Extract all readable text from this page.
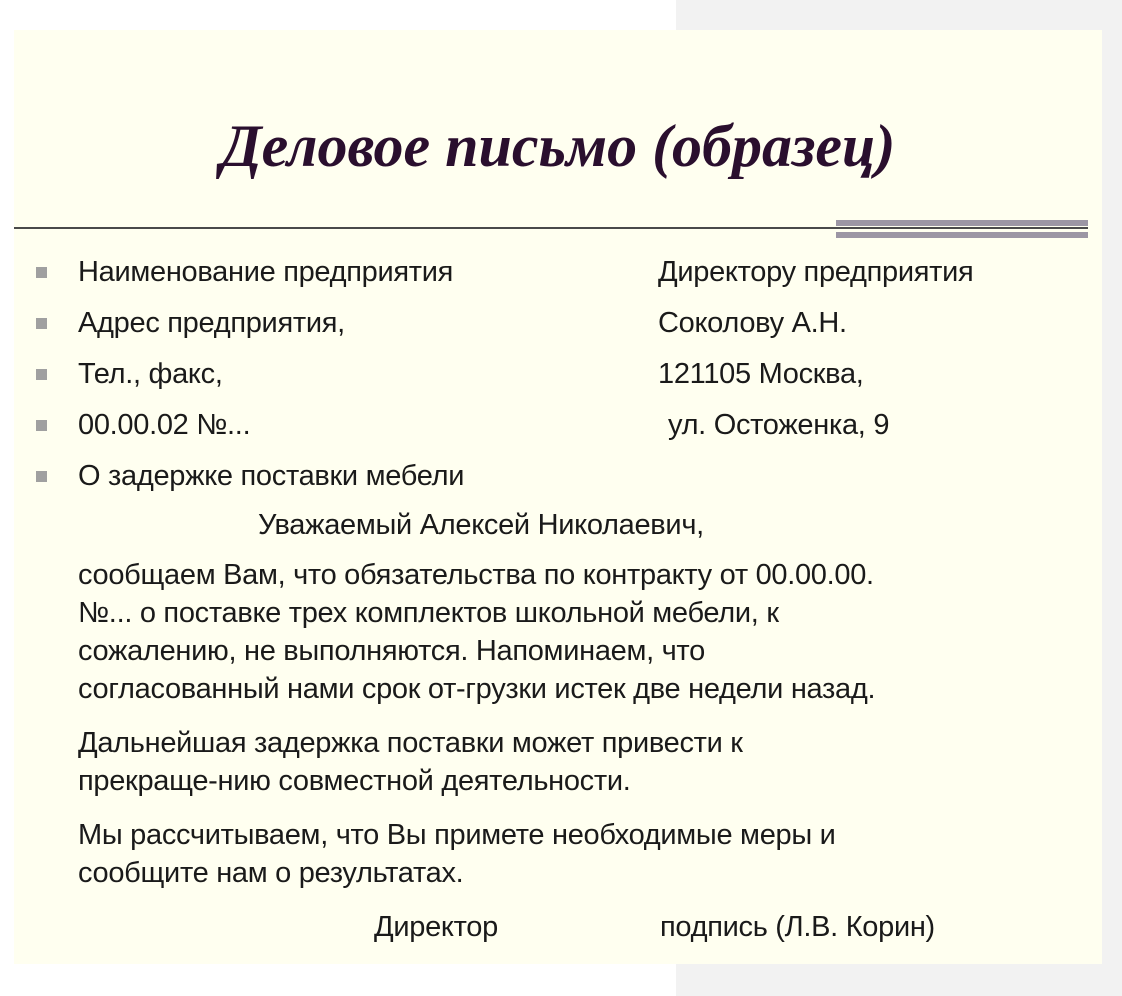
Деловое письмо (образец)
Наименование предприятия
Адрес предприятия,
Тел., факс,
00.00.02 №...
О задержке поставки мебели
Директору предприятия
Соколову А.Н.
121105 Москва,
ул. Остоженка, 9
Уважаемый Алексей Николаевич,
сообщаем Вам, что обязательства по контракту от 00.00.00.
№... о поставке трех комплектов школьной мебели, к
сожалению, не выполняются. Напоминаем, что
согласованный нами срок от-грузки истек две недели назад.
Дальнейшая задержка поставки может привести к
прекраще-нию совместной деятельности.
Мы рассчитываем, что Вы примете необходимые меры и
сообщите нам о результатах.
Директор	подпись (Л.В. Корин)
